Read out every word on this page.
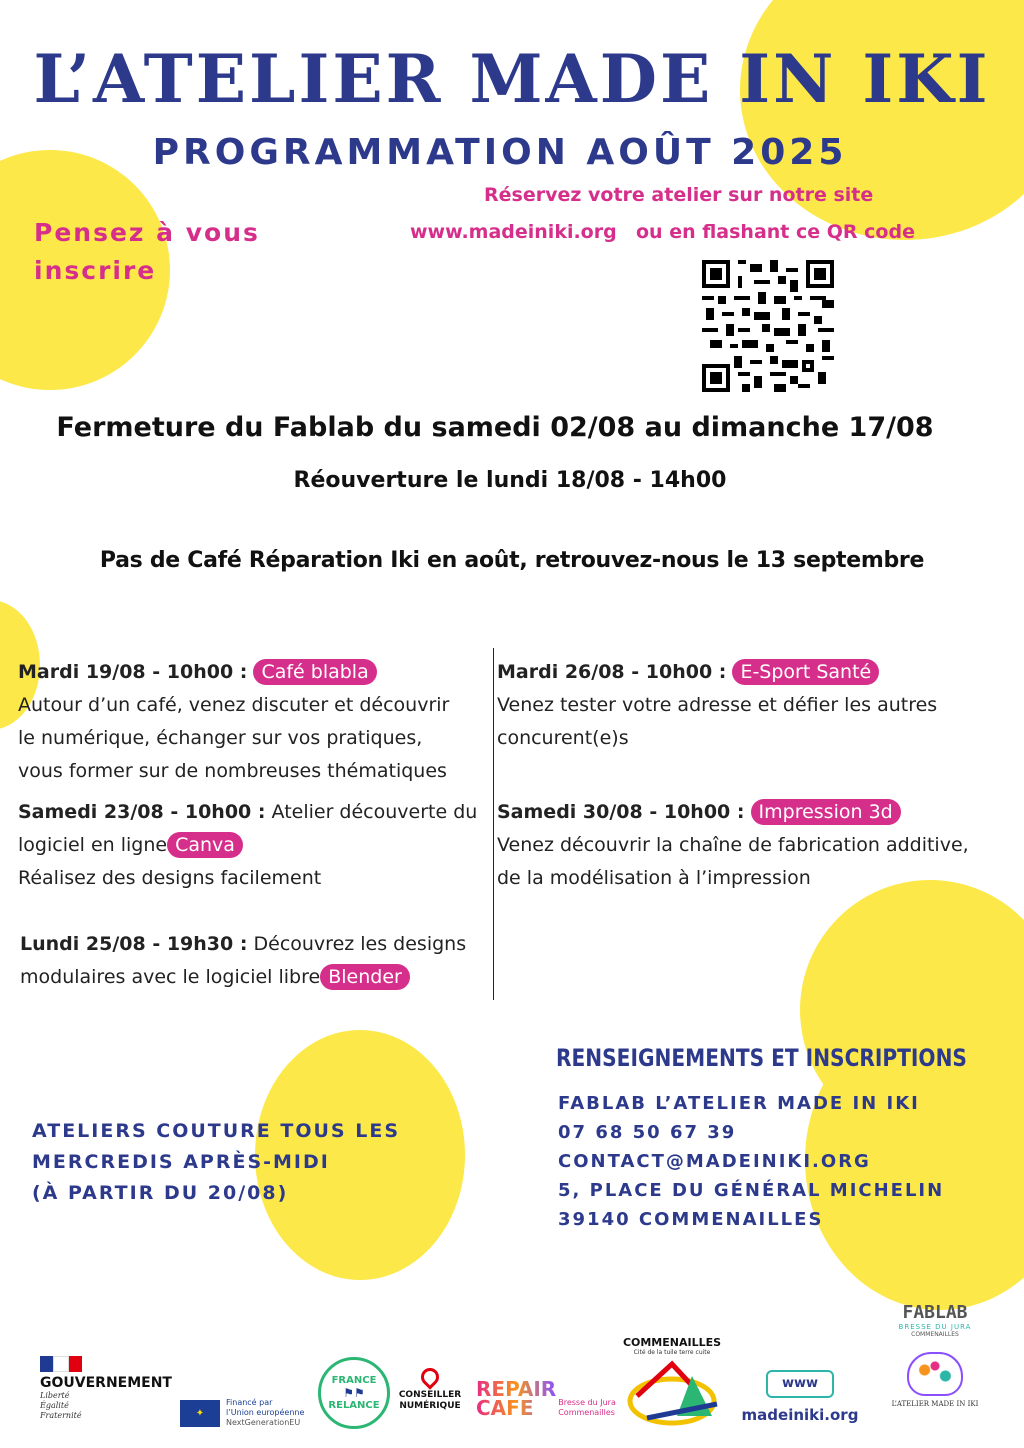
L’ATELIER MADE IN IKI
PROGRAMMATION AOÛT 2025
Pensez à vous
inscrire
Réservez votre atelier sur notre site
www.madeiniki.org ou en flashant ce QR code
Fermeture du Fablab du samedi 02/08 au dimanche 17/08
Réouverture le lundi 18/08 - 14h00
Pas de Café Réparation Iki en août, retrouvez-nous le 13 septembre
Mardi 19/08 - 10h00 : Café blabla
Autour d’un café, venez discuter et découvrir
le numérique, échanger sur vos pratiques,
vous former sur de nombreuses thématiques
Samedi 23/08 - 10h00 : Atelier découverte du
logiciel en ligne Canva
Réalisez des designs facilement
Lundi 25/08 - 19h30 : Découvrez les designs
modulaires avec le logiciel libre Blender
Mardi 26/08 - 10h00 : E-Sport Santé
Venez tester votre adresse et défier les autres
concurent(e)s
Samedi 30/08 - 10h00 : Impression 3d
Venez découvrir la chaîne de fabrication additive,
de la modélisation à l’impression
ATELIERS COUTURE TOUS LES
MERCREDIS APRÈS-MIDI
(À PARTIR DU 20/08)
RENSEIGNEMENTS ET INSCRIPTIONS
FABLAB L’ATELIER MADE IN IKI
07 68 50 67 39
CONTACT@MADEINIKI.ORG
5, PLACE DU GÉNÉRAL MICHELIN
39140 COMMENAILLES
GOUVERNEMENT
Liberté
Égalité
Fraternité	✦
Financé par
l’Union européenne
NextGenerationEU
FRANCE
⚑⚑
RELANCE
CONSEILLER
NUMÉRIQUE
REPAIR
CAFE	Bresse du Jura
Commenailles
COMMENAILLES
Cité de la tuile terre cuite
www
madeiniki.org
FABLAB
BRESSE DU JURA
COMMENAILLES
L’ATELIER MADE IN IKI
